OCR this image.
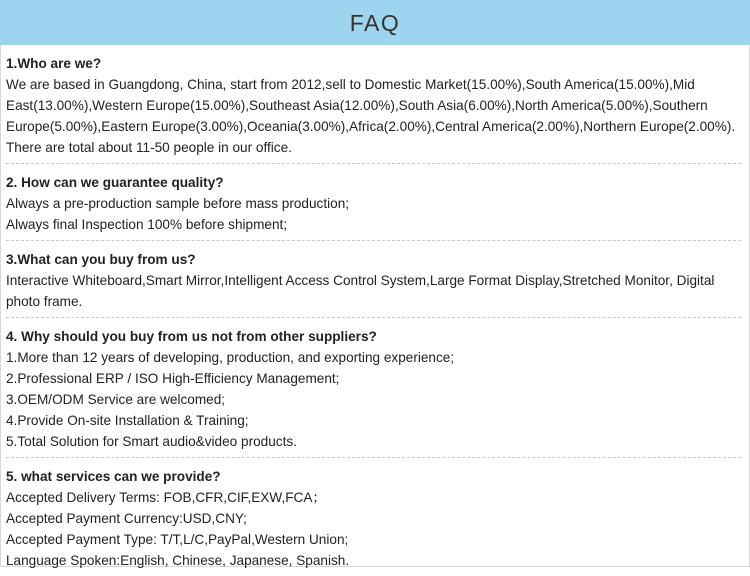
FAQ
1.Who are we?
We are based in Guangdong, China, start from 2012,sell to Domestic Market(15.00%),South America(15.00%),Mid East(13.00%),Western Europe(15.00%),Southeast Asia(12.00%),South Asia(6.00%),North America(5.00%),Southern Europe(5.00%),Eastern Europe(3.00%),Oceania(3.00%),Africa(2.00%),Central America(2.00%),Northern Europe(2.00%). There are total about 11-50 people in our office.
2. How can we guarantee quality?
Always a pre-production sample before mass production;
Always final Inspection 100% before shipment;
3.What can you buy from us?
Interactive Whiteboard,Smart Mirror,Intelligent Access Control System,Large Format Display,Stretched Monitor, Digital photo frame.
4. Why should you buy from us not from other suppliers?
1.More than 12 years of developing, production, and exporting experience;
2.Professional ERP / ISO High-Efficiency Management;
3.OEM/ODM Service are welcomed;
4.Provide On-site Installation & Training;
5.Total Solution for Smart audio&video products.
5. what services can we provide?
Accepted Delivery Terms: FOB,CFR,CIF,EXW,FCA；
Accepted Payment Currency:USD,CNY;
Accepted Payment Type: T/T,L/C,PayPal,Western Union;
Language Spoken:English, Chinese, Japanese, Spanish.
